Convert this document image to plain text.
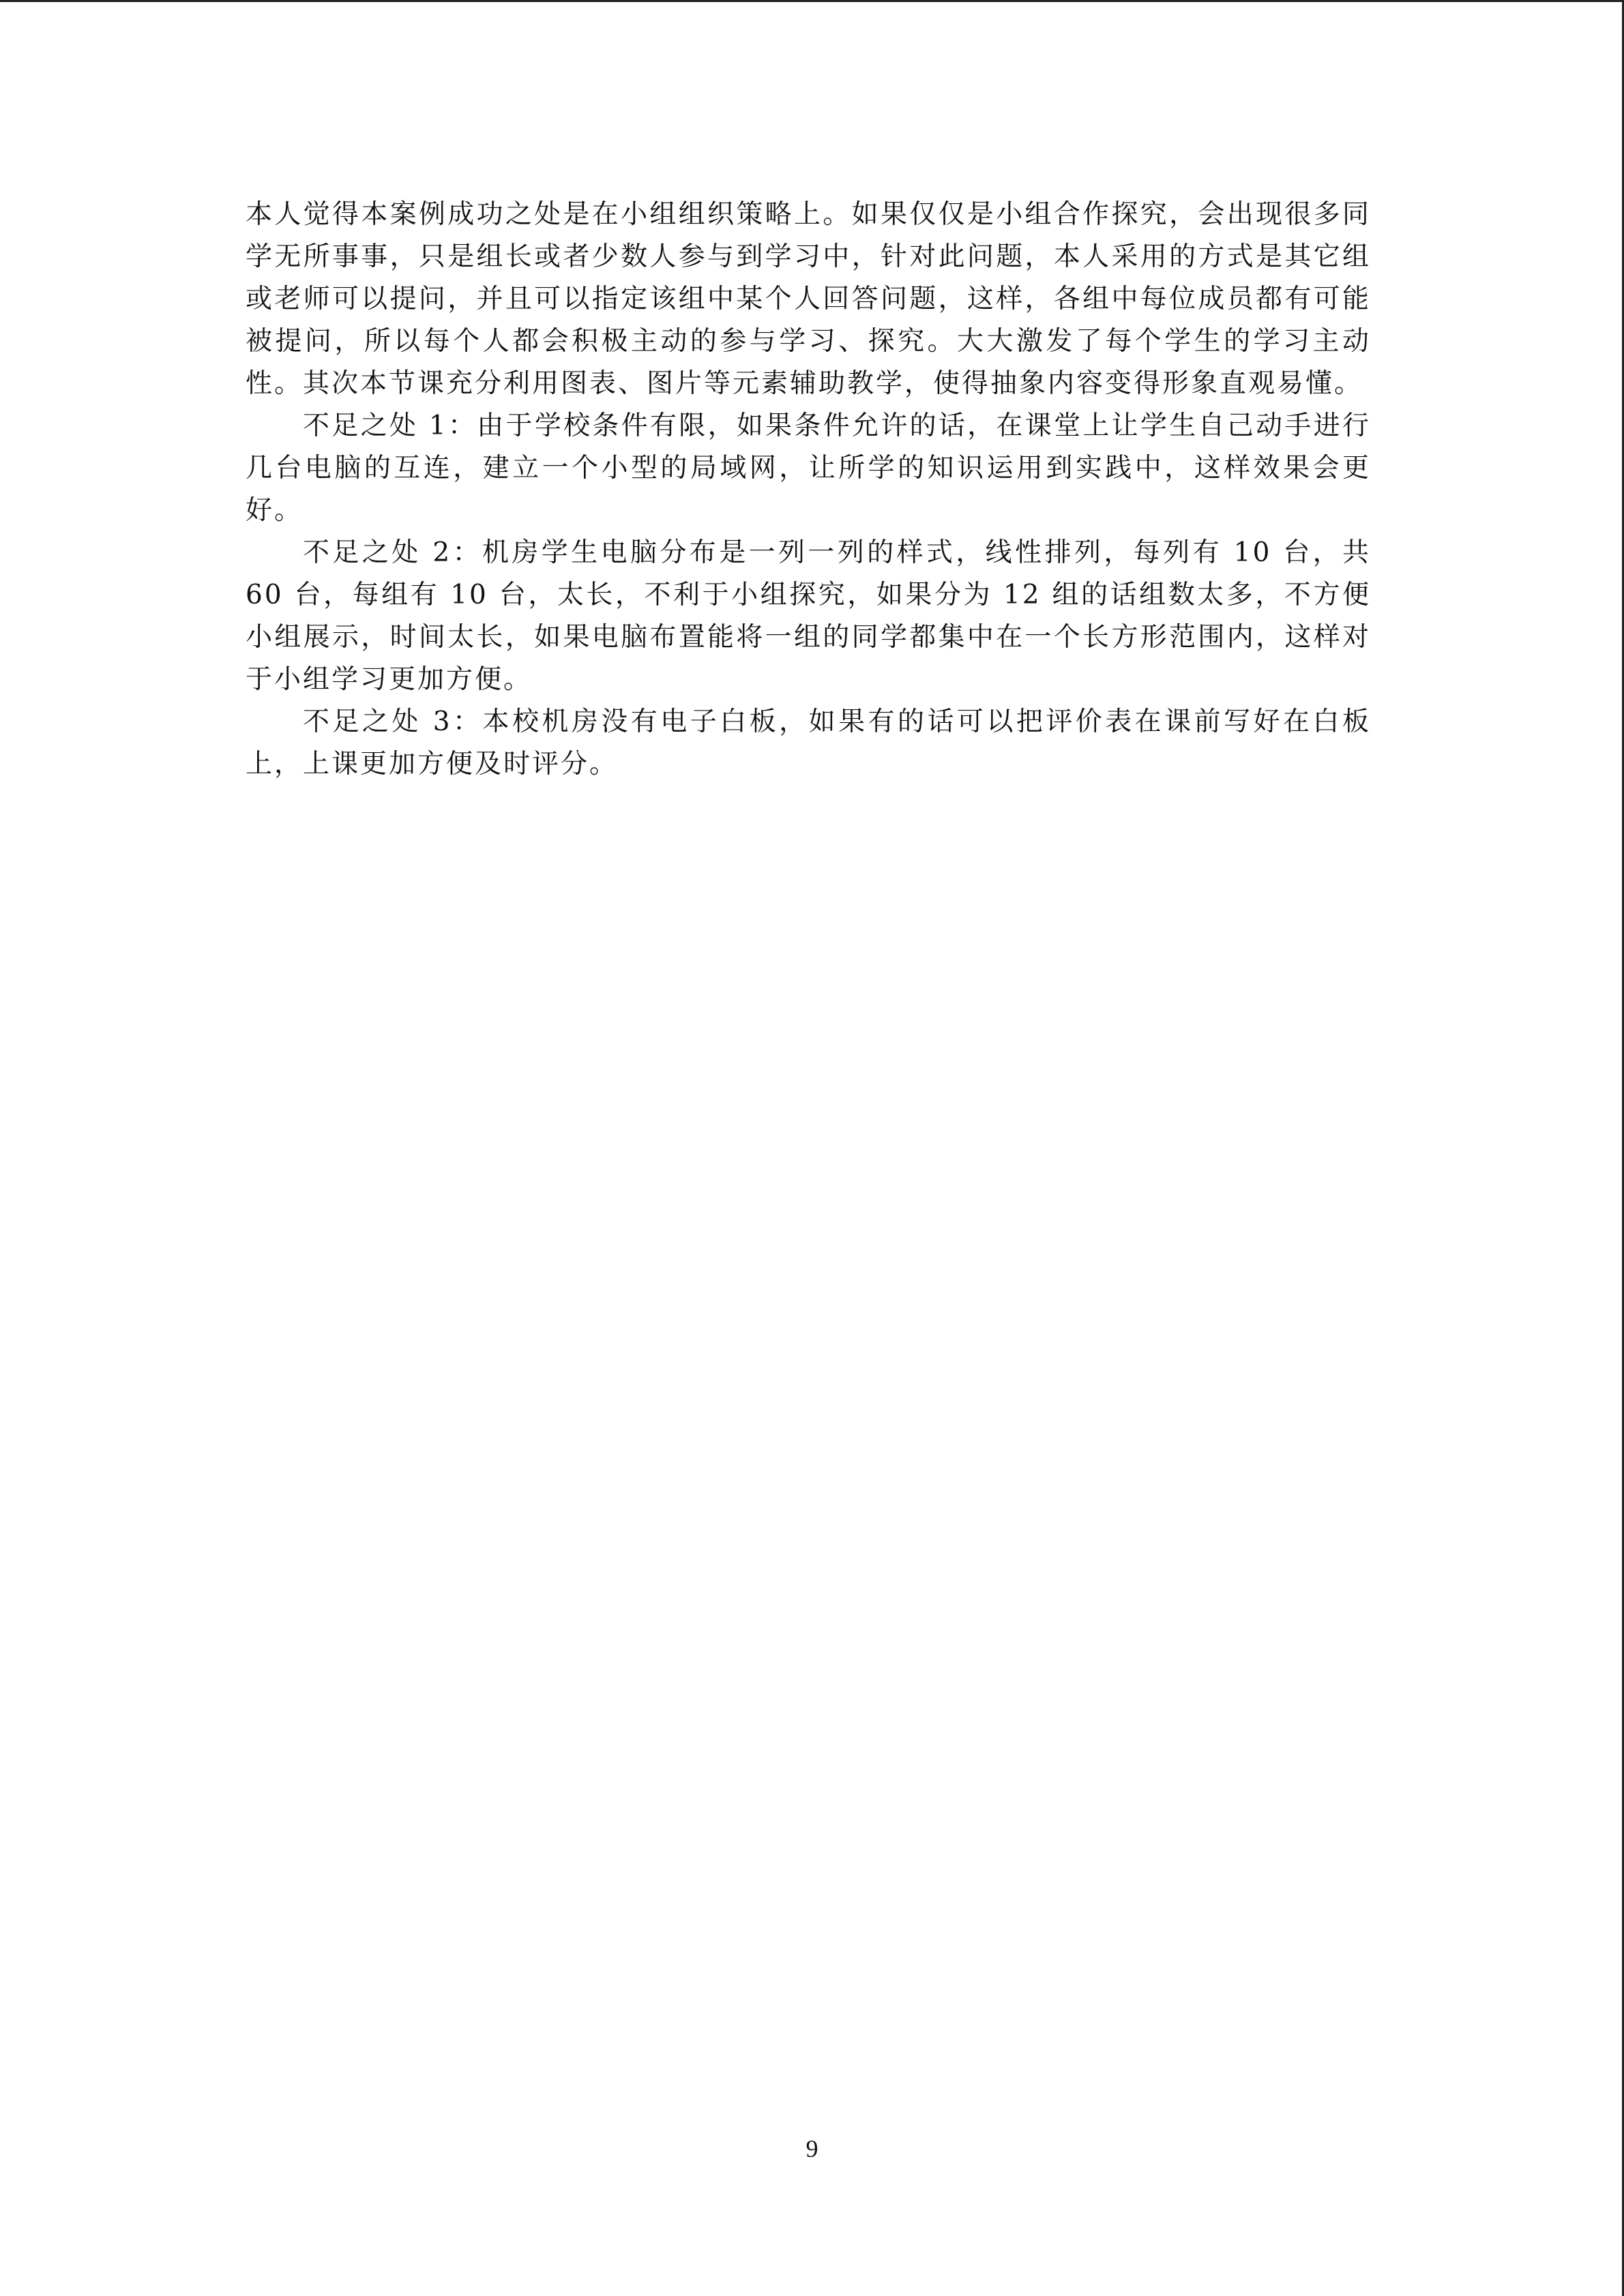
本人觉得本案例成功之处是在小组组织策略上。如果仅仅是小组合作探究，会出现很多同学无所事事，只是组长或者少数人参与到学习中，针对此问题，本人采用的方式是其它组或老师可以提问，并且可以指定该组中某个人回答问题，这样，各组中每位成员都有可能被提问，所以每个人都会积极主动的参与学习、探究。大大激发了每个学生的学习主动性。其次本节课充分利用图表、图片等元素辅助教学，使得抽象内容变得形象直观易懂。

不足之处 1：由于学校条件有限，如果条件允许的话，在课堂上让学生自己动手进行几台电脑的互连，建立一个小型的局域网，让所学的知识运用到实践中，这样效果会更好。

不足之处 2：机房学生电脑分布是一列一列的样式，线性排列，每列有 10 台，共 60 台，每组有 10 台，太长，不利于小组探究，如果分为 12 组的话组数太多，不方便小组展示，时间太长，如果电脑布置能将一组的同学都集中在一个长方形范围内，这样对于小组学习更加方便。

不足之处 3：本校机房没有电子白板，如果有的话可以把评价表在课前写好在白板上，上课更加方便及时评分。

9
